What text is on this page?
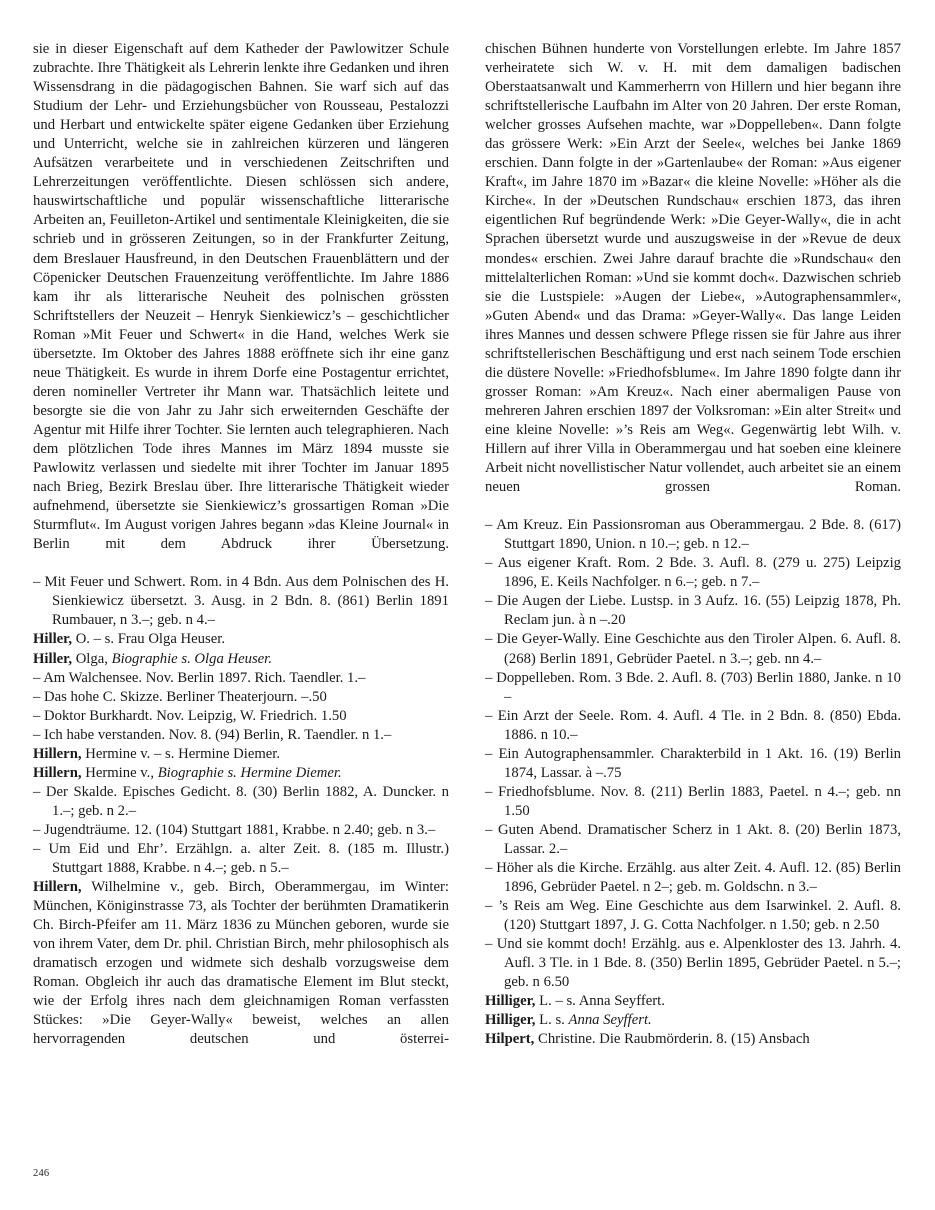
sie in dieser Eigenschaft auf dem Katheder der Pawlowitzer Schule zubrachte. Ihre Thätigkeit als Lehrerin lenkte ihre Gedanken und ihren Wissensdrang in die pädagogischen Bahnen. Sie warf sich auf das Studium der Lehr- und Erziehungsbücher von Rousseau, Pestalozzi und Herbart und entwickelte später eigene Gedanken über Erziehung und Unterricht, welche sie in zahlreichen kürzeren und längeren Aufsätzen verarbeitete und in verschiedenen Zeitschriften und Lehrerzeitungen veröffentlichte. Diesen schlössen sich andere, hauswirtschaftliche und populär wissenschaftliche litterarische Arbeiten an, Feuilleton-Artikel und sentimentale Kleinigkeiten, die sie schrieb und in grösseren Zeitungen, so in der Frankfurter Zeitung, dem Breslauer Hausfreund, in den Deutschen Frauenblättern und der Cöpenicker Deutschen Frauenzeitung veröffentlichte. Im Jahre 1886 kam ihr als litterarische Neuheit des polnischen grössten Schriftstellers der Neuzeit – Henryk Sienkiewicz’s – geschichtlicher Roman »Mit Feuer und Schwert« in die Hand, welches Werk sie übersetzte. Im Oktober des Jahres 1888 eröffnete sich ihr eine ganz neue Thätigkeit. Es wurde in ihrem Dorfe eine Postagentur errichtet, deren nomineller Vertreter ihr Mann war. Thatsächlich leitete und besorgte sie die von Jahr zu Jahr sich erweiternden Geschäfte der Agentur mit Hilfe ihrer Tochter. Sie lernten auch telegraphieren. Nach dem plötzlichen Tode ihres Mannes im März 1894 musste sie Pawlowitz verlassen und siedelte mit ihrer Tochter im Januar 1895 nach Brieg, Bezirk Breslau über. Ihre litterarische Thätigkeit wieder aufnehmend, übersetzte sie Sienkiewicz’s grossartigen Roman »Die Sturmflut«. Im August vorigen Jahres begann »das Kleine Journal« in Berlin mit dem Abdruck ihrer Übersetzung.

– Mit Feuer und Schwert. Rom. in 4 Bdn. Aus dem Polnischen des H. Sienkiewicz übersetzt. 3. Ausg. in 2 Bdn. 8. (861) Berlin 1891 Rumbauer, n 3.–; geb. n 4.–

Hiller, O. – s. Frau Olga Heuser.

Hiller, Olga, Biographie s. Olga Heuser.

– Am Walchensee. Nov. Berlin 1897. Rich. Taendler. 1.–

– Das hohe C. Skizze. Berliner Theaterjourn. –.50

– Doktor Burkhardt. Nov. Leipzig, W. Friedrich. 1.50

– Ich habe verstanden. Nov. 8. (94) Berlin, R. Taendler. n 1.–

Hillern, Hermine v. – s. Hermine Diemer.

Hillern, Hermine v., Biographie s. Hermine Diemer.

– Der Skalde. Episches Gedicht. 8. (30) Berlin 1882, A. Duncker. n 1.–; geb. n 2.–

– Jugendträume. 12. (104) Stuttgart 1881, Krabbe. n 2.40; geb. n 3.–

– Um Eid und Ehr’. Erzählgn. a. alter Zeit. 8. (185 m. Illustr.) Stuttgart 1888, Krabbe. n 4.–; geb. n 5.–

Hillern, Wilhelmine v., geb. Birch, Oberammergau, im Winter: München, Königinstrasse 73, als Tochter der berühmten Dramatikerin Ch. Birch-Pfeifer am 11. März 1836 zu München geboren, wurde sie von ihrem Vater, dem Dr. phil. Christian Birch, mehr philosophisch als dramatisch erzogen und widmete sich deshalb vorzugsweise dem Roman. Obgleich ihr auch das dramatische Element im Blut steckt, wie der Erfolg ihres nach dem gleichnamigen Roman verfassten Stückes: »Die Geyer-Wally« beweist, welches an allen hervorragenden deutschen und österrei-

chischen Bühnen hunderte von Vorstellungen erlebte. Im Jahre 1857 verheiratete sich W. v. H. mit dem damaligen badischen Oberstaatsanwalt und Kammerherrn von Hillern und hier begann ihre schriftstellerische Laufbahn im Alter von 20 Jahren. Der erste Roman, welcher grosses Aufsehen machte, war »Doppelleben«. Dann folgte das grössere Werk: »Ein Arzt der Seele«, welches bei Janke 1869 erschien. Dann folgte in der »Gartenlaube« der Roman: »Aus eigener Kraft«, im Jahre 1870 im »Bazar« die kleine Novelle: »Höher als die Kirche«. In der »Deutschen Rundschau« erschien 1873, das ihren eigentlichen Ruf begründende Werk: »Die Geyer-Wally«, die in acht Sprachen übersetzt wurde und auszugsweise in der »Revue de deux mondes« erschien. Zwei Jahre darauf brachte die »Rundschau« den mittelalterlichen Roman: »Und sie kommt doch«. Dazwischen schrieb sie die Lustspiele: »Augen der Liebe«, »Autographensammler«, »Guten Abend« und das Drama: »Geyer-Wally«. Das lange Leiden ihres Mannes und dessen schwere Pflege rissen sie für Jahre aus ihrer schriftstellerischen Beschäftigung und erst nach seinem Tode erschien die düstere Novelle: »Friedhofsblume«. Im Jahre 1890 folgte dann ihr grosser Roman: »Am Kreuz«. Nach einer abermaligen Pause von mehreren Jahren erschien 1897 der Volksroman: »Ein alter Streit« und eine kleine Novelle: »’s Reis am Weg«. Gegenwärtig lebt Wilh. v. Hillern auf ihrer Villa in Oberammergau und hat soeben eine kleinere Arbeit nicht novellistischer Natur vollendet, auch arbeitet sie an einem neuen grossen Roman.

– Am Kreuz. Ein Passionsroman aus Oberammergau. 2 Bde. 8. (617) Stuttgart 1890, Union. n 10.–; geb. n 12.–

– Aus eigener Kraft. Rom. 2 Bde. 3. Aufl. 8. (279 u. 275) Leipzig 1896, E. Keils Nachfolger. n 6.–; geb. n 7.–

– Die Augen der Liebe. Lustsp. in 3 Aufz. 16. (55) Leipzig 1878, Ph. Reclam jun. à n –.20

– Die Geyer-Wally. Eine Geschichte aus den Tiroler Alpen. 6. Aufl. 8. (268) Berlin 1891, Gebrüder Paetel. n 3.–; geb. nn 4.–

– Doppelleben. Rom. 3 Bde. 2. Aufl. 8. (703) Berlin 1880, Janke. n 10 –

– Ein Arzt der Seele. Rom. 4. Aufl. 4 Tle. in 2 Bdn. 8. (850) Ebda. 1886. n 10.–

– Ein Autographensammler. Charakterbild in 1 Akt. 16. (19) Berlin 1874, Lassar. à –.75

– Friedhofsblume. Nov. 8. (211) Berlin 1883, Paetel. n 4.–; geb. nn 1.50

– Guten Abend. Dramatischer Scherz in 1 Akt. 8. (20) Berlin 1873, Lassar. 2.–

– Höher als die Kirche. Erzählg. aus alter Zeit. 4. Aufl. 12. (85) Berlin 1896, Gebrüder Paetel. n 2–; geb. m. Goldschn. n 3.–

– ’s Reis am Weg. Eine Geschichte aus dem Isarwinkel. 2. Aufl. 8. (120) Stuttgart 1897, J. G. Cotta Nachfolger. n 1.50; geb. n 2.50

– Und sie kommt doch! Erzählg. aus e. Alpenkloster des 13. Jahrh. 4. Aufl. 3 Tle. in 1 Bde. 8. (350) Berlin 1895, Gebrüder Paetel. n 5.–; geb. n 6.50

Hilliger, L. – s. Anna Seyffert.

Hilliger, L. s. Anna Seyffert.

Hilpert, Christine. Die Raubmörderin. 8. (15) Ansbach

246
